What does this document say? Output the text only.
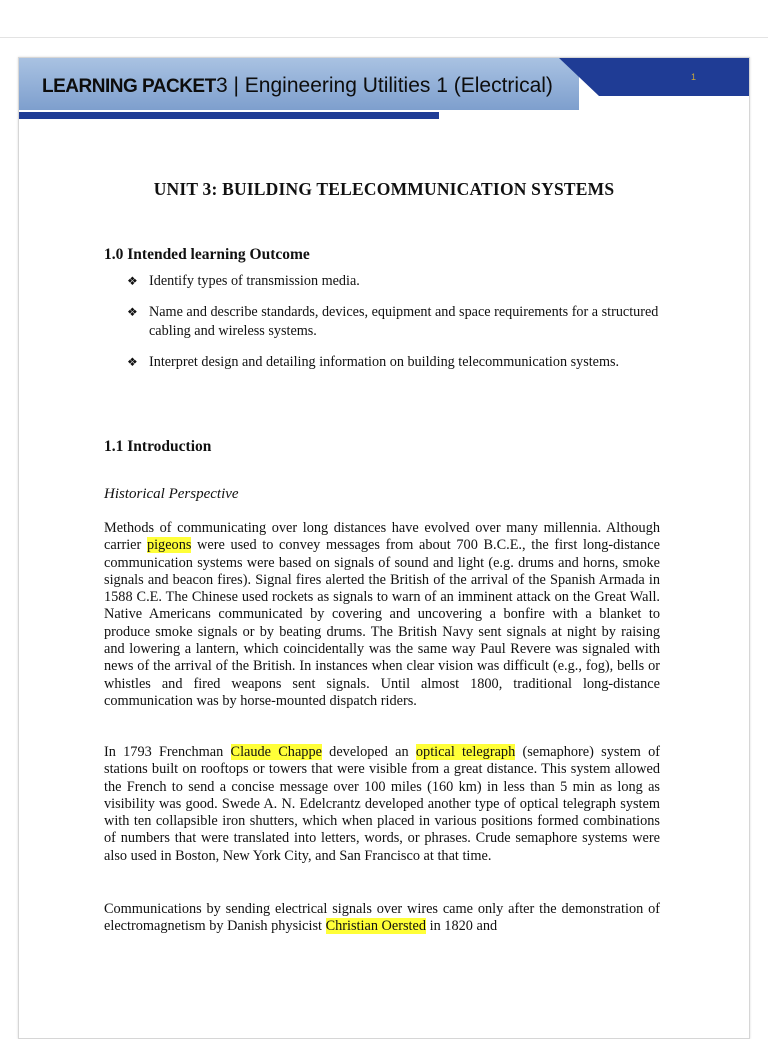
LEARNING PACKET 3 | Engineering Utilities 1 (Electrical)	1
UNIT 3: BUILDING TELECOMMUNICATION SYSTEMS
1.0 Intended learning Outcome
❖ Identify types of transmission media.
❖ Name and describe standards, devices, equipment and space requirements for a structured cabling and wireless systems.
❖ Interpret design and detailing information on building telecommunication systems.
1.1 Introduction
Historical Perspective

Methods of communicating over long distances have evolved over many millennia. Although carrier pigeons were used to convey messages from about 700 B.C.E., the first long-distance communication systems were based on signals of sound and light (e.g. drums and horns, smoke signals and beacon fires). Signal fires alerted the British of the arrival of the Spanish Armada in 1588 C.E. The Chinese used rockets as signals to warn of an imminent attack on the Great Wall. Native Americans communicated by covering and uncovering a bonfire with a blanket to produce smoke signals or by beating drums. The British Navy sent signals at night by raising and lowering a lantern, which coincidentally was the same way Paul Revere was signaled with news of the arrival of the British. In instances when clear vision was difficult (e.g., fog), bells or whistles and fired weapons sent signals. Until almost 1800, traditional long-distance communication was by horse-mounted dispatch riders.

In 1793 Frenchman Claude Chappe developed an optical telegraph (semaphore) system of stations built on rooftops or towers that were visible from a great distance. This system allowed the French to send a concise message over 100 miles (160 km) in less than 5 min as long as visibility was good. Swede A. N. Edelcrantz developed another type of optical telegraph system with ten collapsible iron shutters, which when placed in various positions formed combinations of numbers that were translated into letters, words, or phrases. Crude semaphore systems were also used in Boston, New York City, and San Francisco at that time.

Communications by sending electrical signals over wires came only after the demonstration of electromagnetism by Danish physicist Christian Oersted in 1820 and
